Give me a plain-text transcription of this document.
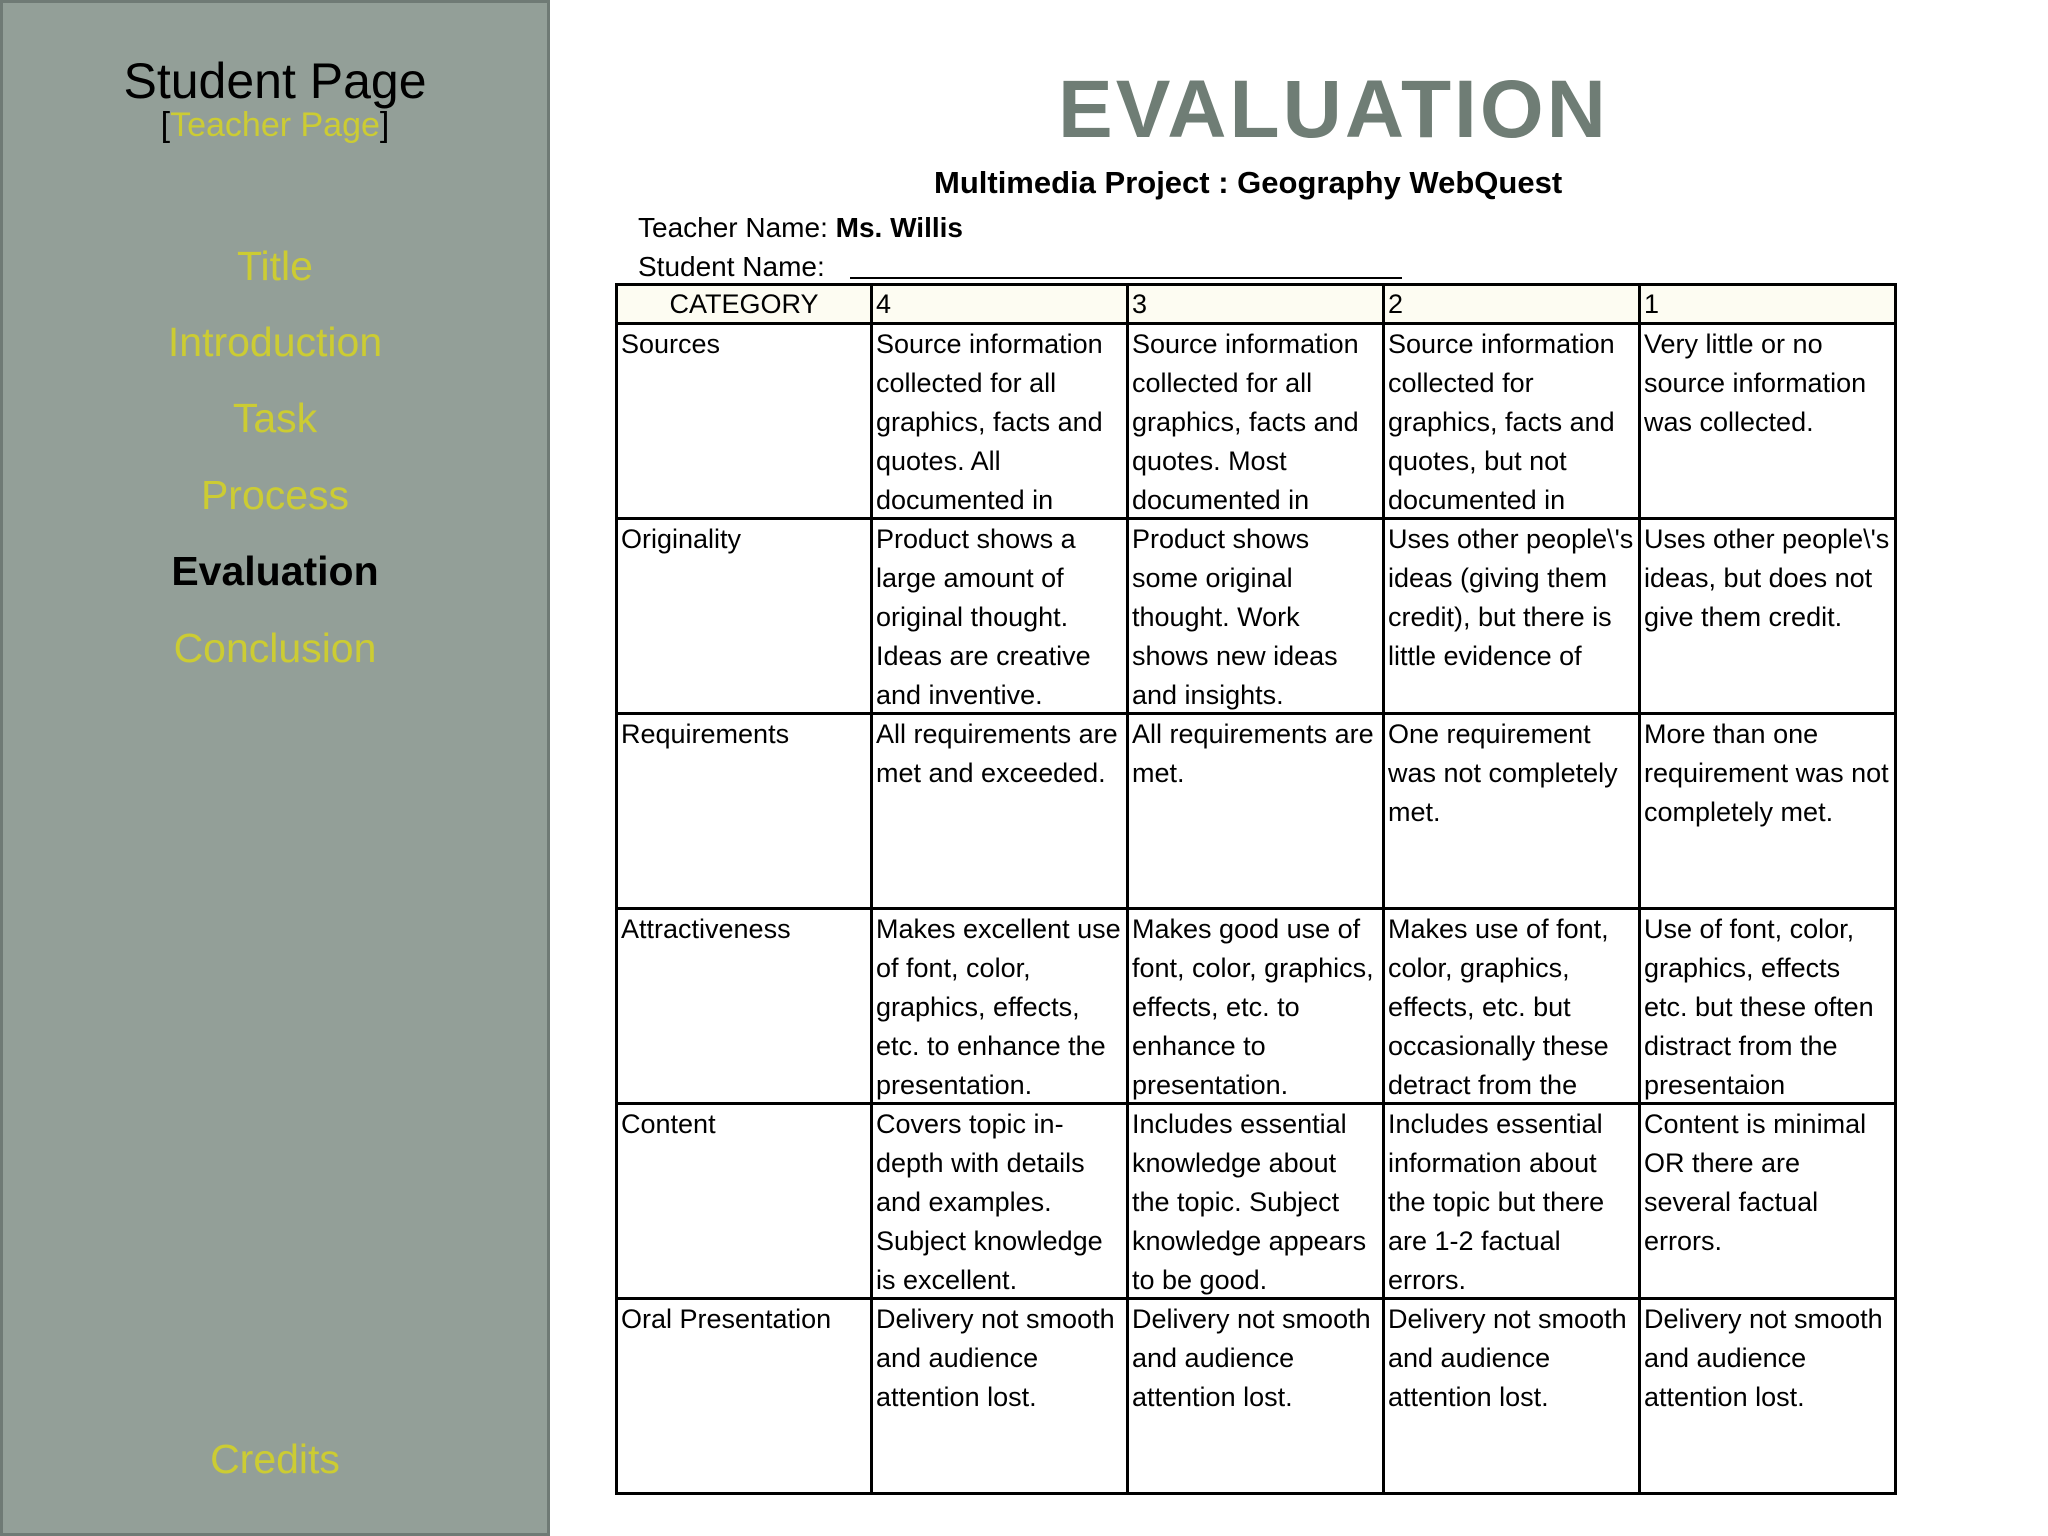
Student Page
[Teacher Page]
Title
Introduction
Task
Process
Evaluation
Conclusion
Credits
EVALUATION
Multimedia Project : Geography WebQuest
Teacher Name: Ms. Willis
Student Name:
CATEGORY	4	3	2	1

Sources	Source information collected for all graphics, facts and quotes. All documented in	Source information collected for all graphics, facts and quotes. Most documented in	Source information collected for graphics, facts and quotes, but not documented in	Very little or no source information was collected.

Originality	Product shows a large amount of original thought. Ideas are creative and inventive.	Product shows some original thought. Work shows new ideas and insights.	Uses other people\'s ideas (giving them credit), but there is little evidence of	Uses other people\'s ideas, but does not give them credit.

Requirements	All requirements are met and exceeded.	All requirements are met.	One requirement was not completely met.	More than one requirement was not completely met.

Attractiveness	Makes excellent use of font, color, graphics, effects, etc. to enhance the presentation.	Makes good use of font, color, graphics, effects, etc. to enhance to presentation.	Makes use of font, color, graphics, effects, etc. but occasionally these detract from the	Use of font, color, graphics, effects etc. but these often distract from the presentaion

Content	Covers topic in-depth with details and examples. Subject knowledge is excellent.	Includes essential knowledge about the topic. Subject knowledge appears to be good.	Includes essential information about the topic but there are 1-2 factual errors.	Content is minimal OR there are several factual errors.

Oral Presentation	Delivery not smooth and audience attention lost.	Delivery not smooth and audience attention lost.	Delivery not smooth and audience attention lost.	Delivery not smooth and audience attention lost.
